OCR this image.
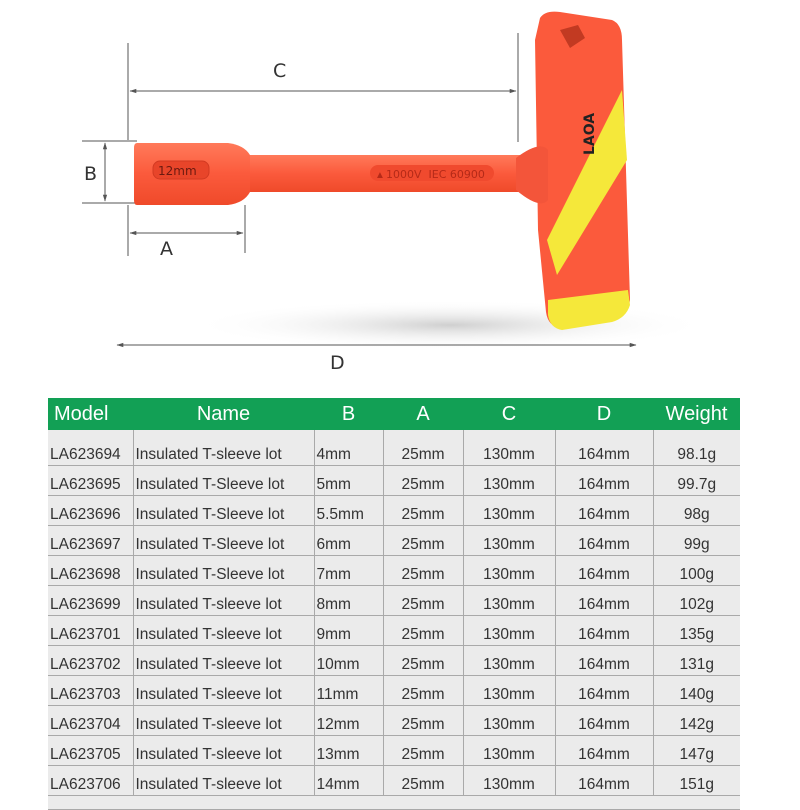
C
B
A
D
12mm	▲ 1000V  IEC 60900
LAOA
Model	Name	B	A	C	D	Weight
LA623694	Insulated T-sleeve lot	4mm	25mm	130mm	164mm	98.1g
LA623695	Insulated T-Sleeve lot	5mm	25mm	130mm	164mm	99.7g
LA623696	Insulated T-Sleeve lot	5.5mm	25mm	130mm	164mm	98g
LA623697	Insulated T-Sleeve lot	6mm	25mm	130mm	164mm	99g
LA623698	Insulated T-Sleeve lot	7mm	25mm	130mm	164mm	100g
LA623699	Insulated T-sleeve lot	8mm	25mm	130mm	164mm	102g
LA623701	Insulated T-sleeve lot	9mm	25mm	130mm	164mm	135g
LA623702	Insulated T-sleeve lot	10mm	25mm	130mm	164mm	131g
LA623703	Insulated T-sleeve lot	11mm	25mm	130mm	164mm	140g
LA623704	Insulated T-sleeve lot	12mm	25mm	130mm	164mm	142g
LA623705	Insulated T-sleeve lot	13mm	25mm	130mm	164mm	147g
LA623706	Insulated T-sleeve lot	14mm	25mm	130mm	164mm	151g
